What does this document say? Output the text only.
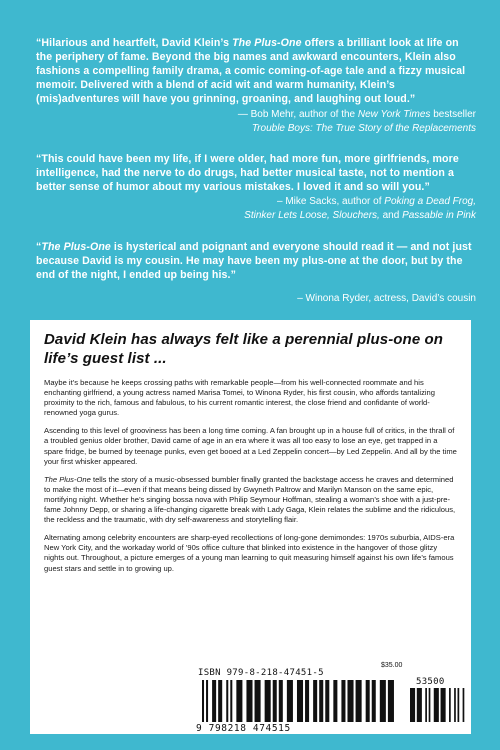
“Hilarious and heartfelt, David Klein’s The Plus-One offers a brilliant look at life on the periphery of fame. Beyond the big names and awkward encounters, Klein also fashions a compelling family drama, a comic coming-of-age tale and a fizzy musical memoir. Delivered with a blend of acid wit and warm humanity, Klein’s (mis)adventures will have you grinning, groaning, and laughing out loud.”

— Bob Mehr, author of the New York Times bestseller
Trouble Boys: The True Story of the Replacements

“This could have been my life, if I were older, had more fun, more girlfriends, more intelligence, had the nerve to do drugs, had better musical taste, not to mention a better sense of humor about my various mistakes. I loved it and so will you.”

– Mike Sacks, author of Poking a Dead Frog,
Stinker Lets Loose, Slouchers, and Passable in Pink

“The Plus-One is hysterical and poignant and everyone should read it — and not just because David is my cousin. He may have been my plus-one at the door, but by the end of the night, I ended up being his.”

– Winona Ryder, actress, David’s cousin

David Klein has always felt like a perennial plus-one on life’s guest list ...

Maybe it’s because he keeps crossing paths with remarkable people—from his well-connected roommate and his enchanting girlfriend, a young actress named Marisa Tomei, to Winona Ryder, his first cousin, who affords tantalizing proximity to the rich, famous and fabulous, to his current romantic interest, the close friend and confidante of world-renowned yoga gurus.

Ascending to this level of grooviness has been a long time coming. A fan brought up in a house full of critics, in the thrall of a troubled genius older brother, David came of age in an era where it was all too easy to lose an eye, get trapped in a spare fridge, be burned by teenage punks, even get booed at a Led Zeppelin concert—by Led Zeppelin. And all by the time your first whisker appeared.

The Plus-One tells the story of a music-obsessed bumbler finally granted the backstage access he craves and determined to make the most of it—even if that means being dissed by Gwyneth Paltrow and Marilyn Manson on the same epic, mortifying night. Whether he’s singing bossa nova with Philip Seymour Hoffman, stealing a woman’s shoe with a just-pre-fame Johnny Depp, or sharing a life-changing cigarette break with Lady Gaga, Klein relates the sublime and the ridiculous, the reckless and the traumatic, with dry self-awareness and storytelling flair.

Alternating among celebrity encounters are sharp-eyed recollections of long-gone demimondes: 1970s suburbia, AIDS-era New York City, and the workaday world of ’90s office culture that blinked into existence in the hangover of those glitzy nights out. Throughout, a picture emerges of a young man learning to quit measuring himself against his own life’s famous guest stars and settle in to growing up.

$35.00
ISBN 979-8-218-47451-5
53500
9 798218 474515
